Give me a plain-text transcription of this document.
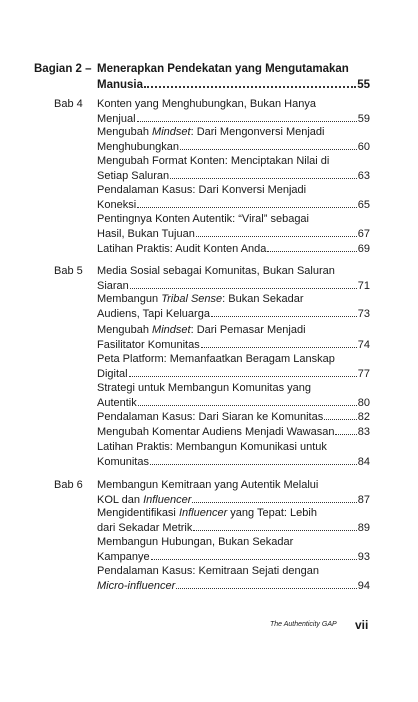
Bagian 2 – Menerapkan Pendekatan yang Mengutamakan
Manusia	55
Bab 4 Konten yang Menghubungkan, Bukan Hanya
Menjual	59
Mengubah Mindset: Dari Mengonversi Menjadi
Menghubungkan	60
Mengubah Format Konten: Menciptakan Nilai di
Setiap Saluran	63
Pendalaman Kasus: Dari Konversi Menjadi
Koneksi	65
Pentingnya Konten Autentik: “Viral” sebagai
Hasil, Bukan Tujuan	67
Latihan Praktis: Audit Konten Anda	69
Bab 5 Media Sosial sebagai Komunitas, Bukan Saluran
Siaran	71
Membangun Tribal Sense: Bukan Sekadar
Audiens, Tapi Keluarga	73
Mengubah Mindset: Dari Pemasar Menjadi
Fasilitator Komunitas	74
Peta Platform: Memanfaatkan Beragam Lanskap
Digital	77
Strategi untuk Membangun Komunitas yang
Autentik	80
Pendalaman Kasus: Dari Siaran ke Komunitas	82
Mengubah Komentar Audiens Menjadi Wawasan 83
Latihan Praktis: Membangun Komunikasi untuk
Komunitas	84
Bab 6 Membangun Kemitraan yang Autentik Melalui
KOL dan Influencer	87
Mengidentifikasi Influencer yang Tepat: Lebih
dari Sekadar Metrik	89
Membangun Hubungan, Bukan Sekadar
Kampanye	93
Pendalaman Kasus: Kemitraan Sejati dengan
Micro-influencer	94
The Authenticity GAP vii
